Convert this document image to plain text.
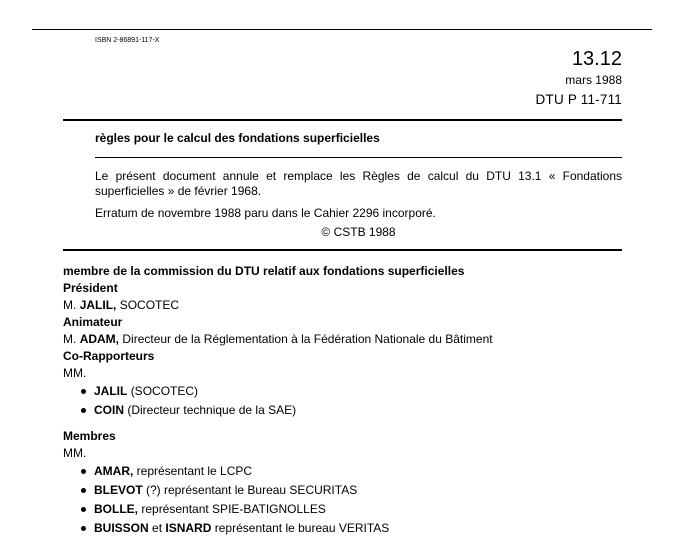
ISBN 2-86891-117-X
13.12
mars 1988
DTU P 11-711
règles pour le calcul des fondations superficielles
Le présent document annule et remplace les Règles de calcul du DTU 13.1 « Fondations superficielles » de février 1968.
Erratum de novembre 1988 paru dans le Cahier 2296 incorporé.
© CSTB 1988
membre de la commission du DTU relatif aux fondations superficielles
Président
M. JALIL, SOCOTEC
Animateur
M. ADAM, Directeur de la Réglementation à la Fédération Nationale du Bâtiment
Co-Rapporteurs
MM.
JALIL (SOCOTEC)
COIN (Directeur technique de la SAE)
Membres
MM.
AMAR, représentant le LCPC
BLEVOT (?) représentant le Bureau SECURITAS
BOLLE, représentant SPIE-BATIGNOLLES
BUISSON et ISNARD représentant le bureau VERITAS
